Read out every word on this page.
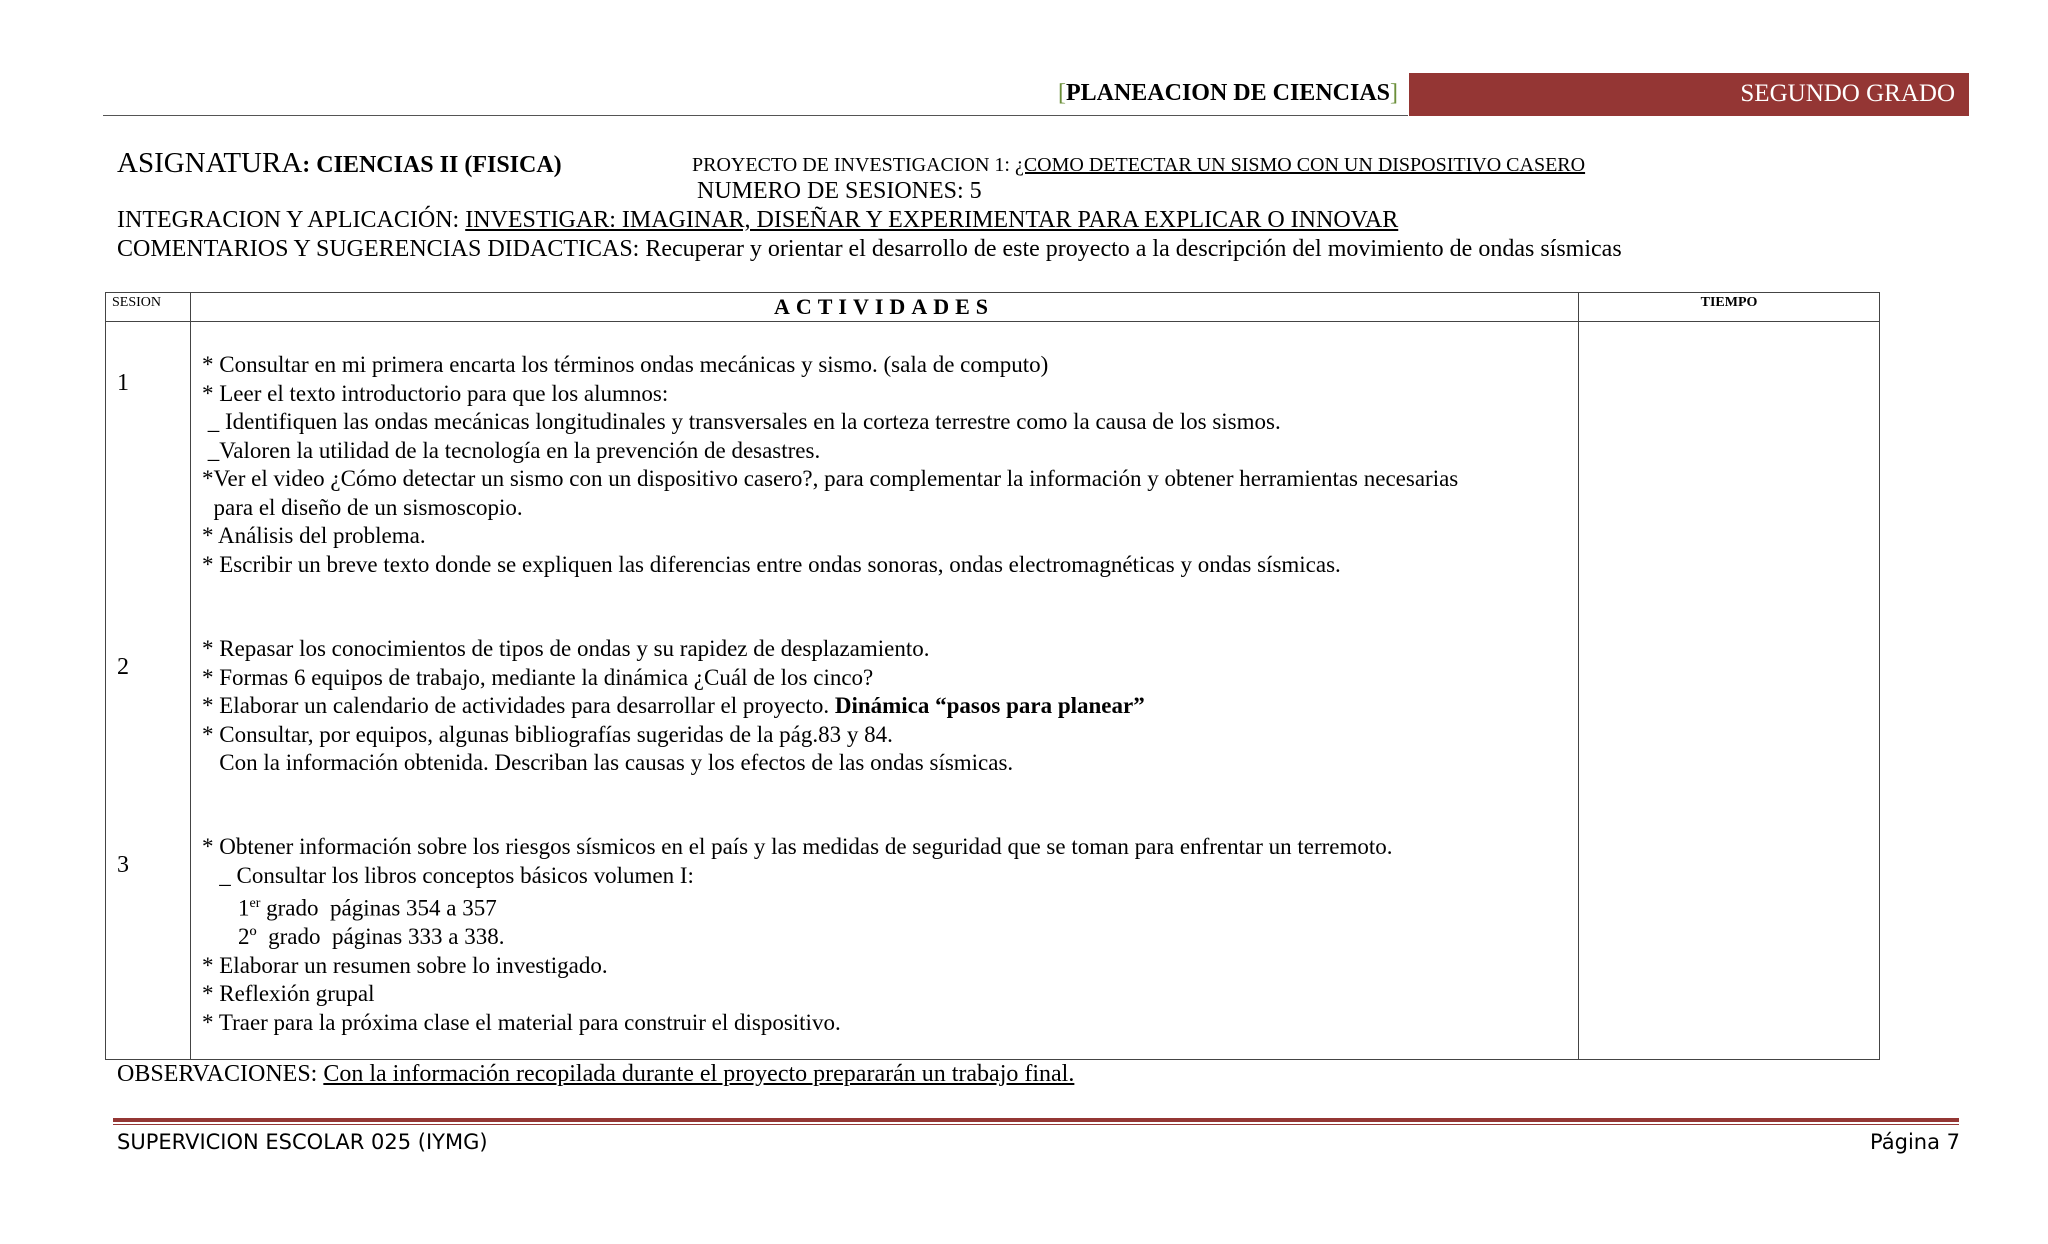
[PLANEACION DE CIENCIAS]	SEGUNDO GRADO
ASIGNATURA: CIENCIAS II (FISICA)	PROYECTO DE INVESTIGACION 1: ¿COMO DETECTAR UN SISMO CON UN DISPOSITIVO CASERO
NUMERO DE SESIONES: 5
INTEGRACION Y APLICACIÓN: INVESTIGAR: IMAGINAR, DISEÑAR Y EXPERIMENTAR PARA EXPLICAR O INNOVAR
COMENTARIOS Y SUGERENCIAS DIDACTICAS: Recuperar y orientar el desarrollo de este proyecto a la descripción del movimiento de ondas sísmicas
SESION	ACTIVIDADES	TIEMPO
1
* Consultar en mi primera encarta los términos ondas mecánicas y sismo. (sala de computo)
* Leer el texto introductorio para que los alumnos:
_ Identifiquen las ondas mecánicas longitudinales y transversales en la corteza terrestre como la causa de los sismos.
_Valoren la utilidad de la tecnología en la prevención de desastres.
*Ver el video ¿Cómo detectar un sismo con un dispositivo casero?, para complementar la información y obtener herramientas necesarias
para el diseño de un sismoscopio.
* Análisis del problema.
* Escribir un breve texto donde se expliquen las diferencias entre ondas sonoras, ondas electromagnéticas y ondas sísmicas.
2
* Repasar los conocimientos de tipos de ondas y su rapidez de desplazamiento.
* Formas 6 equipos de trabajo, mediante la dinámica ¿Cuál de los cinco?
* Elaborar un calendario de actividades para desarrollar el proyecto. Dinámica “pasos para planear”
* Consultar, por equipos, algunas bibliografías sugeridas de la pág.83 y 84.
Con la información obtenida. Describan las causas y los efectos de las ondas sísmicas.
3
* Obtener información sobre los riesgos sísmicos en el país y las medidas de seguridad que se toman para enfrentar un terremoto.
_ Consultar los libros conceptos básicos volumen I:
1er grado  páginas 354 a 357
2º  grado  páginas 333 a 338.
* Elaborar un resumen sobre lo investigado.
* Reflexión grupal
* Traer para la próxima clase el material para construir el dispositivo.
OBSERVACIONES: Con la información recopilada durante el proyecto prepararán un trabajo final.
SUPERVICION ESCOLAR 025 (IYMG)	Página 7
